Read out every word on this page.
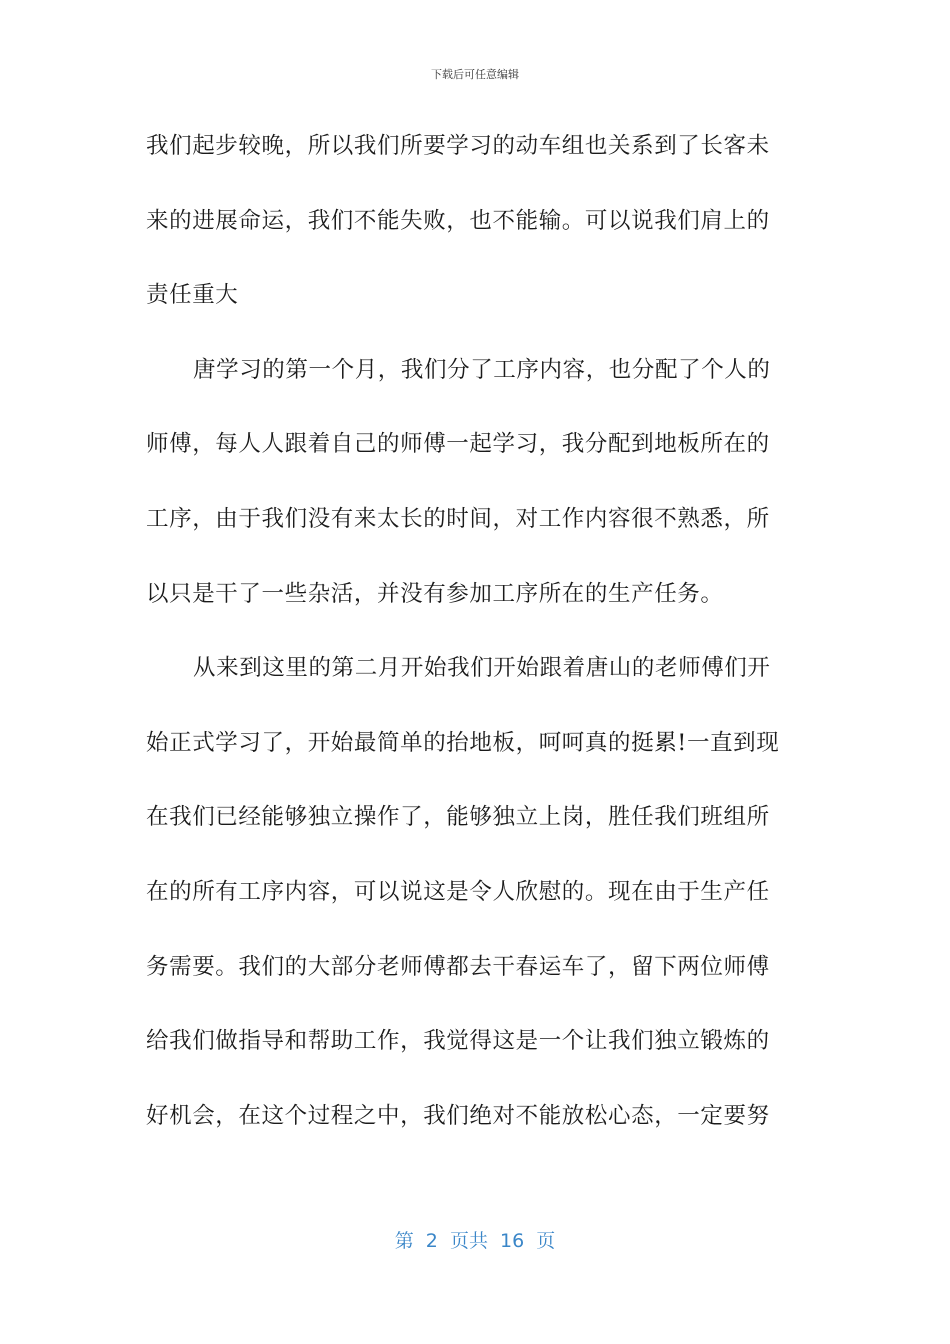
下载后可任意编辑
我们起步较晚，所以我们所要学习的动车组也关系到了长客未
来的进展命运，我们不能失败，也不能输。可以说我们肩上的
责任重大
唐学习的第一个月，我们分了工序内容，也分配了个人的
师傅，每人人跟着自己的师傅一起学习，我分配到地板所在的
工序，由于我们没有来太长的时间，对工作内容很不熟悉，所
以只是干了一些杂活，并没有参加工序所在的生产任务。
从来到这里的第二月开始我们开始跟着唐山的老师傅们开
始正式学习了，开始最简单的抬地板，呵呵真的挺累!一直到现
在我们已经能够独立操作了，能够独立上岗，胜任我们班组所
在的所有工序内容，可以说这是令人欣慰的。现在由于生产任
务需要。我们的大部分老师傅都去干春运车了，留下两位师傅
给我们做指导和帮助工作，我觉得这是一个让我们独立锻炼的
好机会，在这个过程之中，我们绝对不能放松心态，一定要努
第  2  页共  16  页
